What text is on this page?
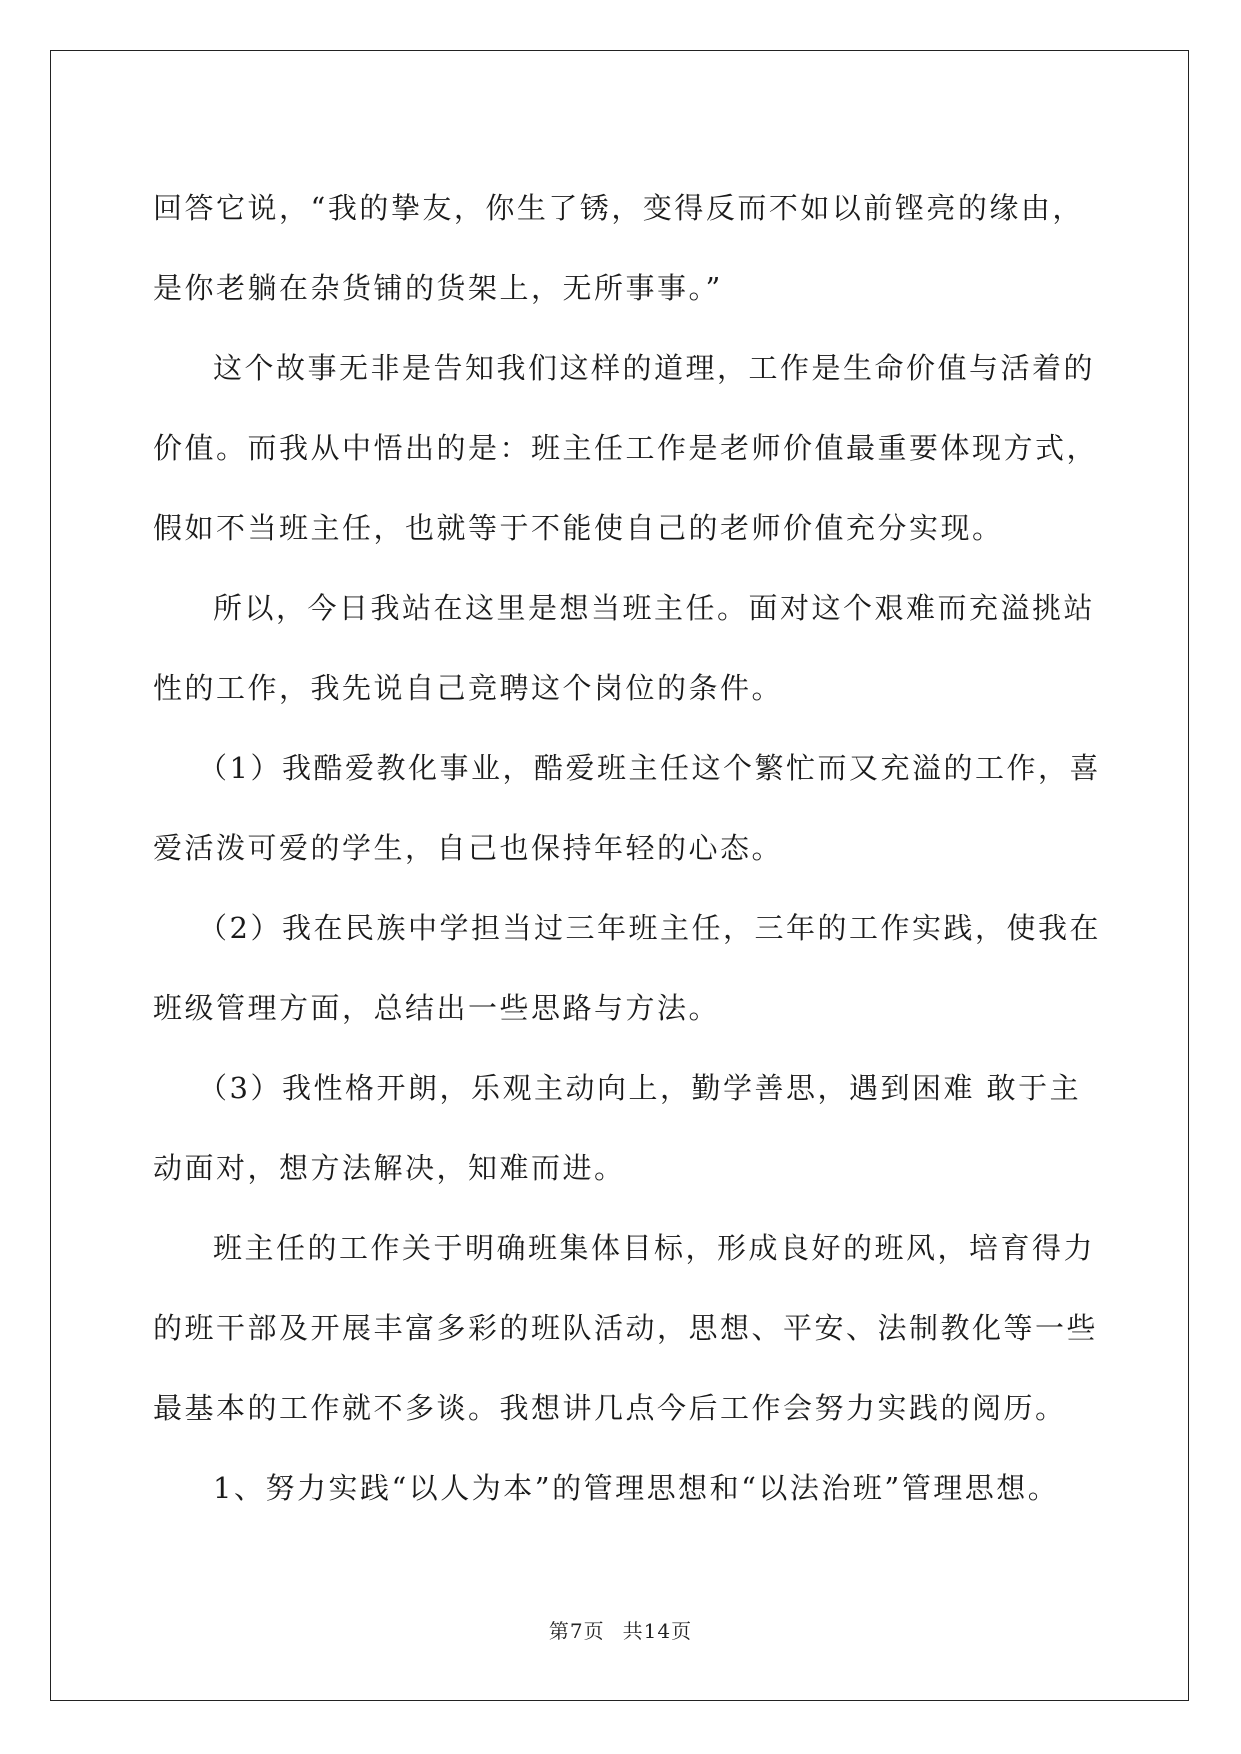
回答它说，“我的挚友，你生了锈，变得反而不如以前铿亮的缘由，
是你老躺在杂货铺的货架上，无所事事。”
这个故事无非是告知我们这样的道理，工作是生命价值与活着的
价值。而我从中悟出的是：班主任工作是老师价值最重要体现方式，
假如不当班主任，也就等于不能使自己的老师价值充分实现。
所以，今日我站在这里是想当班主任。面对这个艰难而充溢挑站
性的工作，我先说自己竞聘这个岗位的条件。
（1）我酷爱教化事业，酷爱班主任这个繁忙而又充溢的工作，喜
爱活泼可爱的学生，自己也保持年轻的心态。
（2）我在民族中学担当过三年班主任，三年的工作实践，使我在
班级管理方面，总结出一些思路与方法。
（3）我性格开朗，乐观主动向上，勤学善思，遇到困难 敢于主
动面对，想方法解决，知难而进。
班主任的工作关于明确班集体目标，形成良好的班风，培育得力
的班干部及开展丰富多彩的班队活动，思想、平安、法制教化等一些
最基本的工作就不多谈。我想讲几点今后工作会努力实践的阅历。
1、努力实践“以人为本”的管理思想和“以法治班”管理思想。

第7页 共14页
